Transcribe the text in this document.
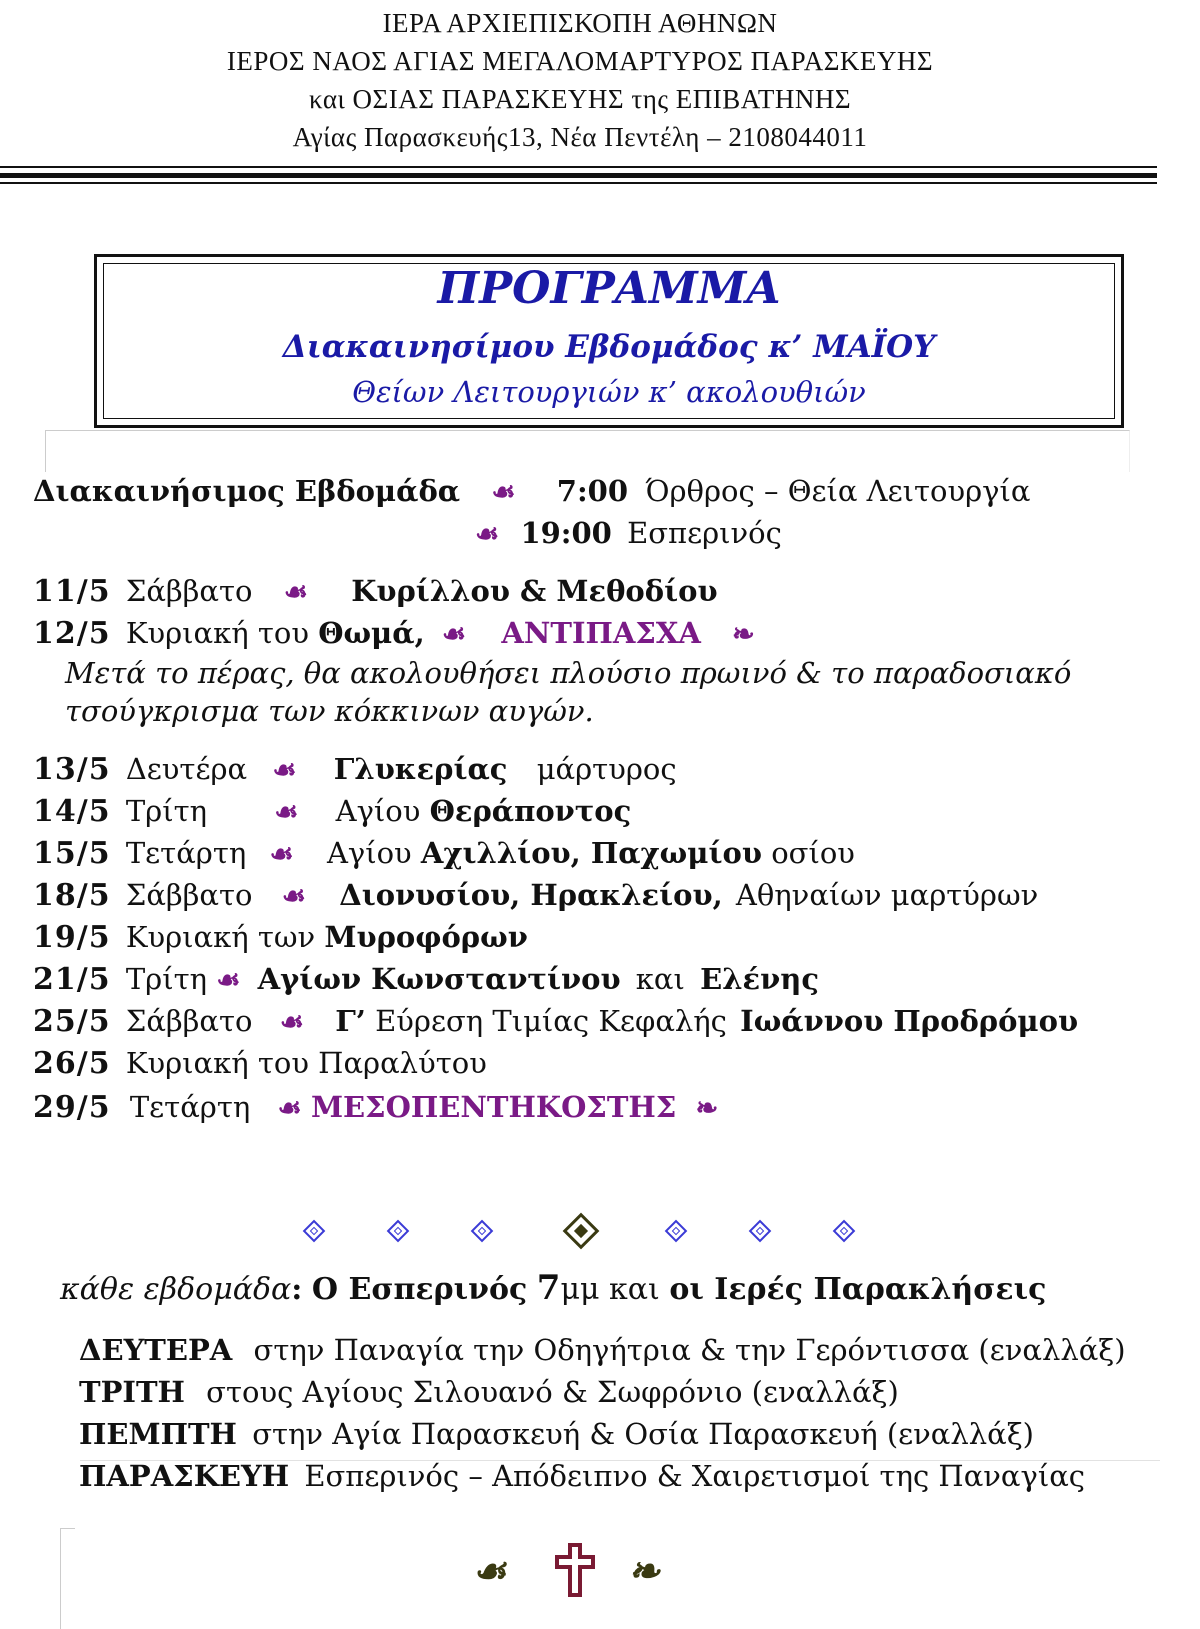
ΙΕΡΑ ΑΡΧΙΕΠΙΣΚΟΠΗ ΑΘΗΝΩΝ
ΙΕΡΟΣ ΝΑΟΣ ΑΓΙΑΣ ΜΕΓΑΛΟΜΑΡΤΥΡΟΣ ΠΑΡΑΣΚΕΥΗΣ
και ΟΣΙΑΣ ΠΑΡΑΣΚΕΥΗΣ της ΕΠΙΒΑΤΗΝΗΣ
Αγίας Παρασκευής13, Νέα Πεντέλη – 2108044011
ΠΡΟΓΡΑΜΜΑ
Διακαινησίμου Εβδομάδος κ’ ΜΑΪΟΥ
Θείων Λειτουργιών κ’ ακολουθιών
Διακαινήσιμος Εβδομάδα ☙ 7:00 Όρθρος – Θεία Λειτουργία
☙ 19:00 Εσπερινός
11/5 Σάββατο ☙ Κυρίλλου & Μεθοδίου
12/5 Κυριακή του Θωμά, ☙ ΑΝΤΙΠΑΣΧΑ ❧
Μετά το πέρας, θα ακολουθήσει πλούσιο πρωινό & το παραδοσιακό
τσούγκρισμα των κόκκινων αυγών.
13/5 Δευτέρα ☙ Γλυκερίας μάρτυρος
14/5 Τρίτη ☙ Αγίου Θεράποντος
15/5 Τετάρτη ☙ Αγίου Αχιλλίου, Παχωμίου οσίου
18/5 Σάββατο ☙ Διονυσίου, Ηρακλείου, Αθηναίων μαρτύρων
19/5 Κυριακή των Μυροφόρων
21/5 Τρίτη ☙ Αγίων Κωνσταντίνου και Ελένης
25/5 Σάββατο ☙ Γ’ Εύρεση Τιμίας Κεφαλής Ιωάννου Προδρόμου
26/5 Κυριακή του Παραλύτου
29/5 Τετάρτη ☙ ΜΕΣΟΠΕΝΤΗΚΟΣΤΗΣ ❧
κάθε εβδομάδα: Ο Εσπερινός 7μμ και οι Ιερές Παρακλήσεις
ΔΕΥΤΕΡΑ στην Παναγία την Οδηγήτρια & την Γερόντισσα (εναλλάξ)
ΤΡΙΤΗ στους Αγίους Σιλουανό & Σωφρόνιο (εναλλάξ)
ΠΕΜΠΤΗ στην Αγία Παρασκευή & Οσία Παρασκευή (εναλλάξ)
ΠΑΡΑΣΚΕΥΗ Εσπερινός – Απόδειπνο & Χαιρετισμοί της Παναγίας
☙	❧
